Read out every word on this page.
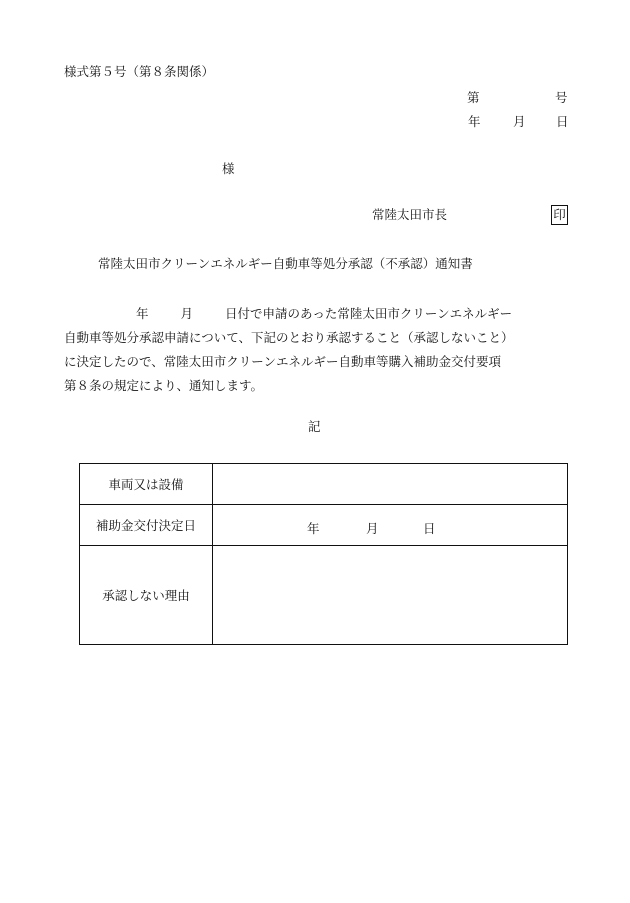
様式第５号（第８条関係）
第	号
年	月 日
様
常陸太田市長	印
常陸太田市クリーンエネルギー自動車等処分承認（不承認）通知書
年	月	日付で申請のあった常陸太田市クリーンエネルギー
自動車等処分承認申請について、下記のとおり承認すること（承認しないこと）
に決定したので、常陸太田市クリーンエネルギー自動車等購入補助金交付要項
第８条の規定により、通知します。
記
車両又は設備	
補助金交付決定日	年 月 日

承認しない理由	
